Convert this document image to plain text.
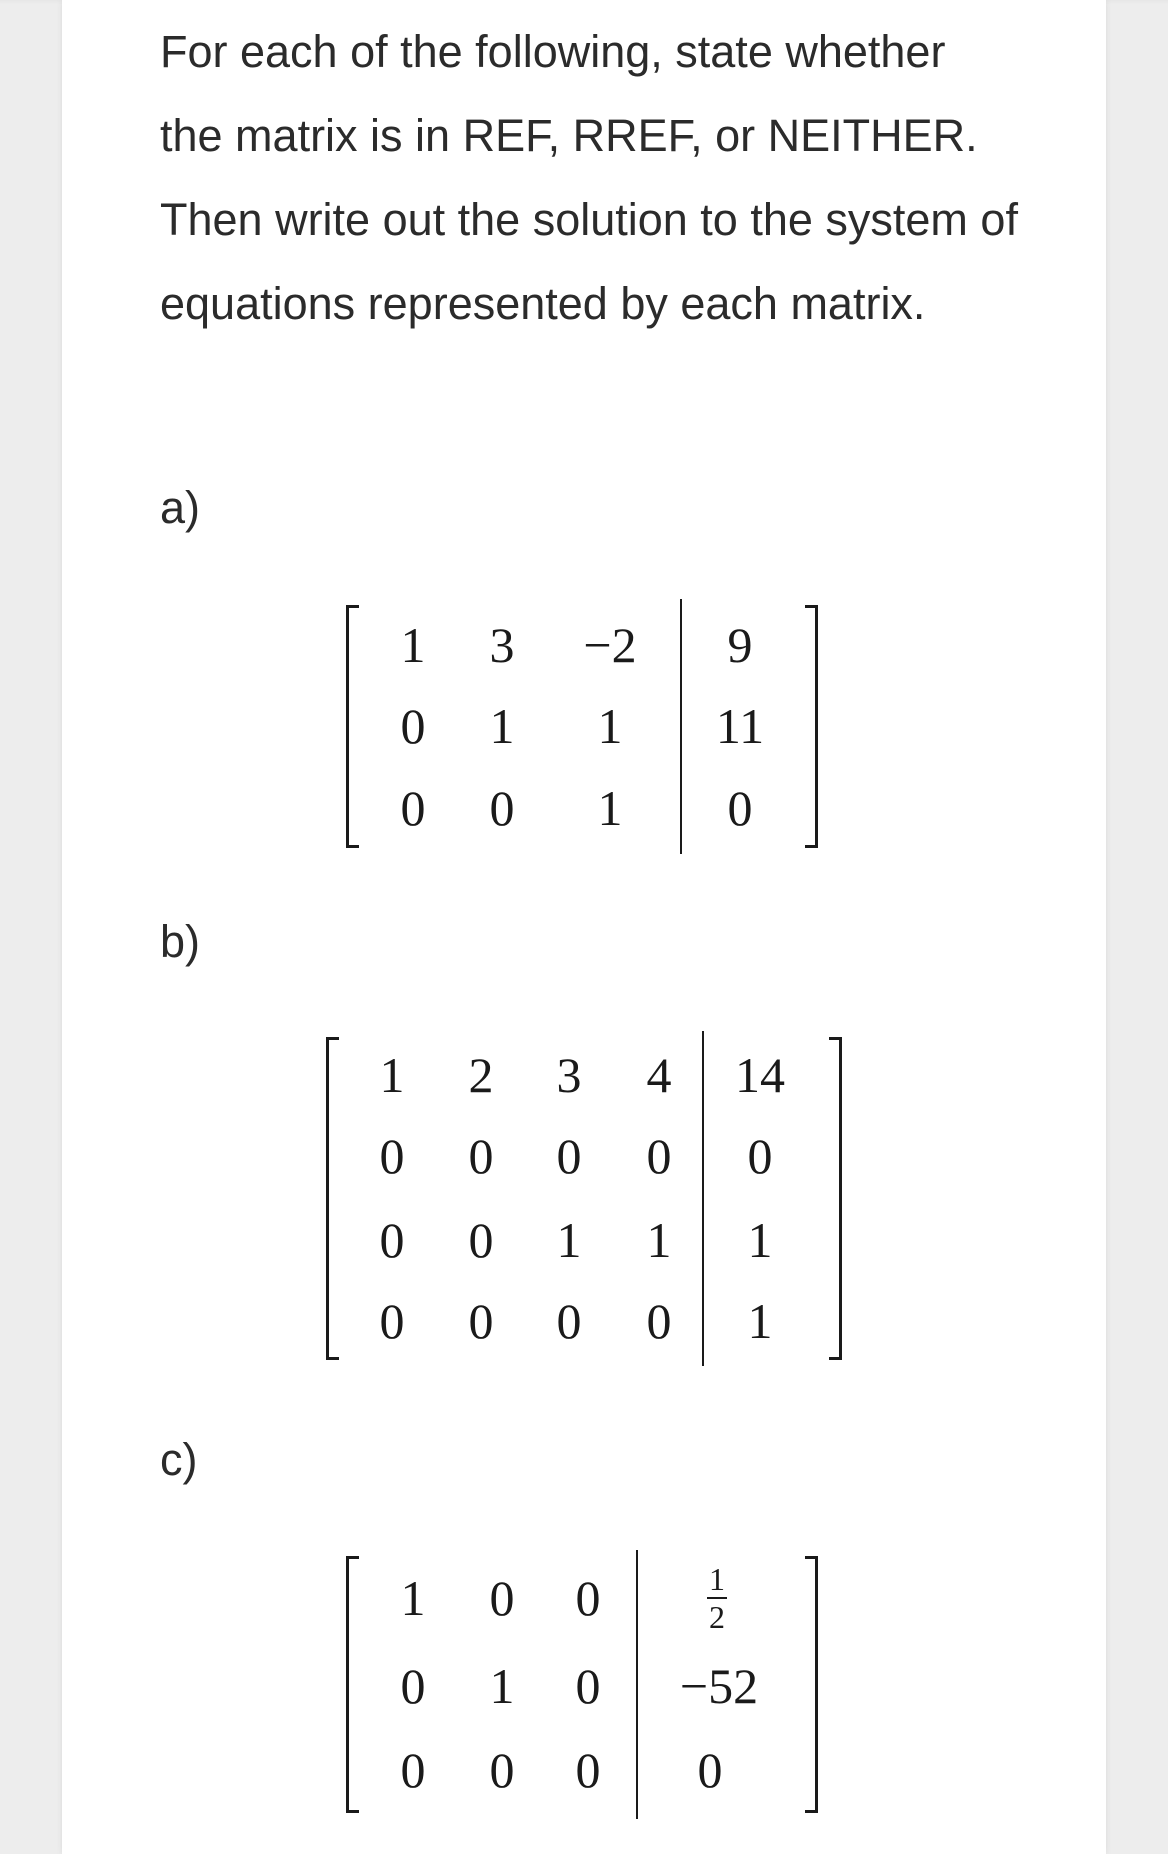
For each of the following, state whether the matrix is in REF, RREF, or NEITHER. Then write out the solution to the system of equations represented by each matrix.

a)
1 3 −2 9
0 1 1 11
0 0 1 0
b)
1 2 3 4 14
0 0 0 0 0
0 0 1 1 1
0 0 0 0 1
c)
1 0 0	$\frac{1}{2}$
0 1 0 −52
0 0 0 0
